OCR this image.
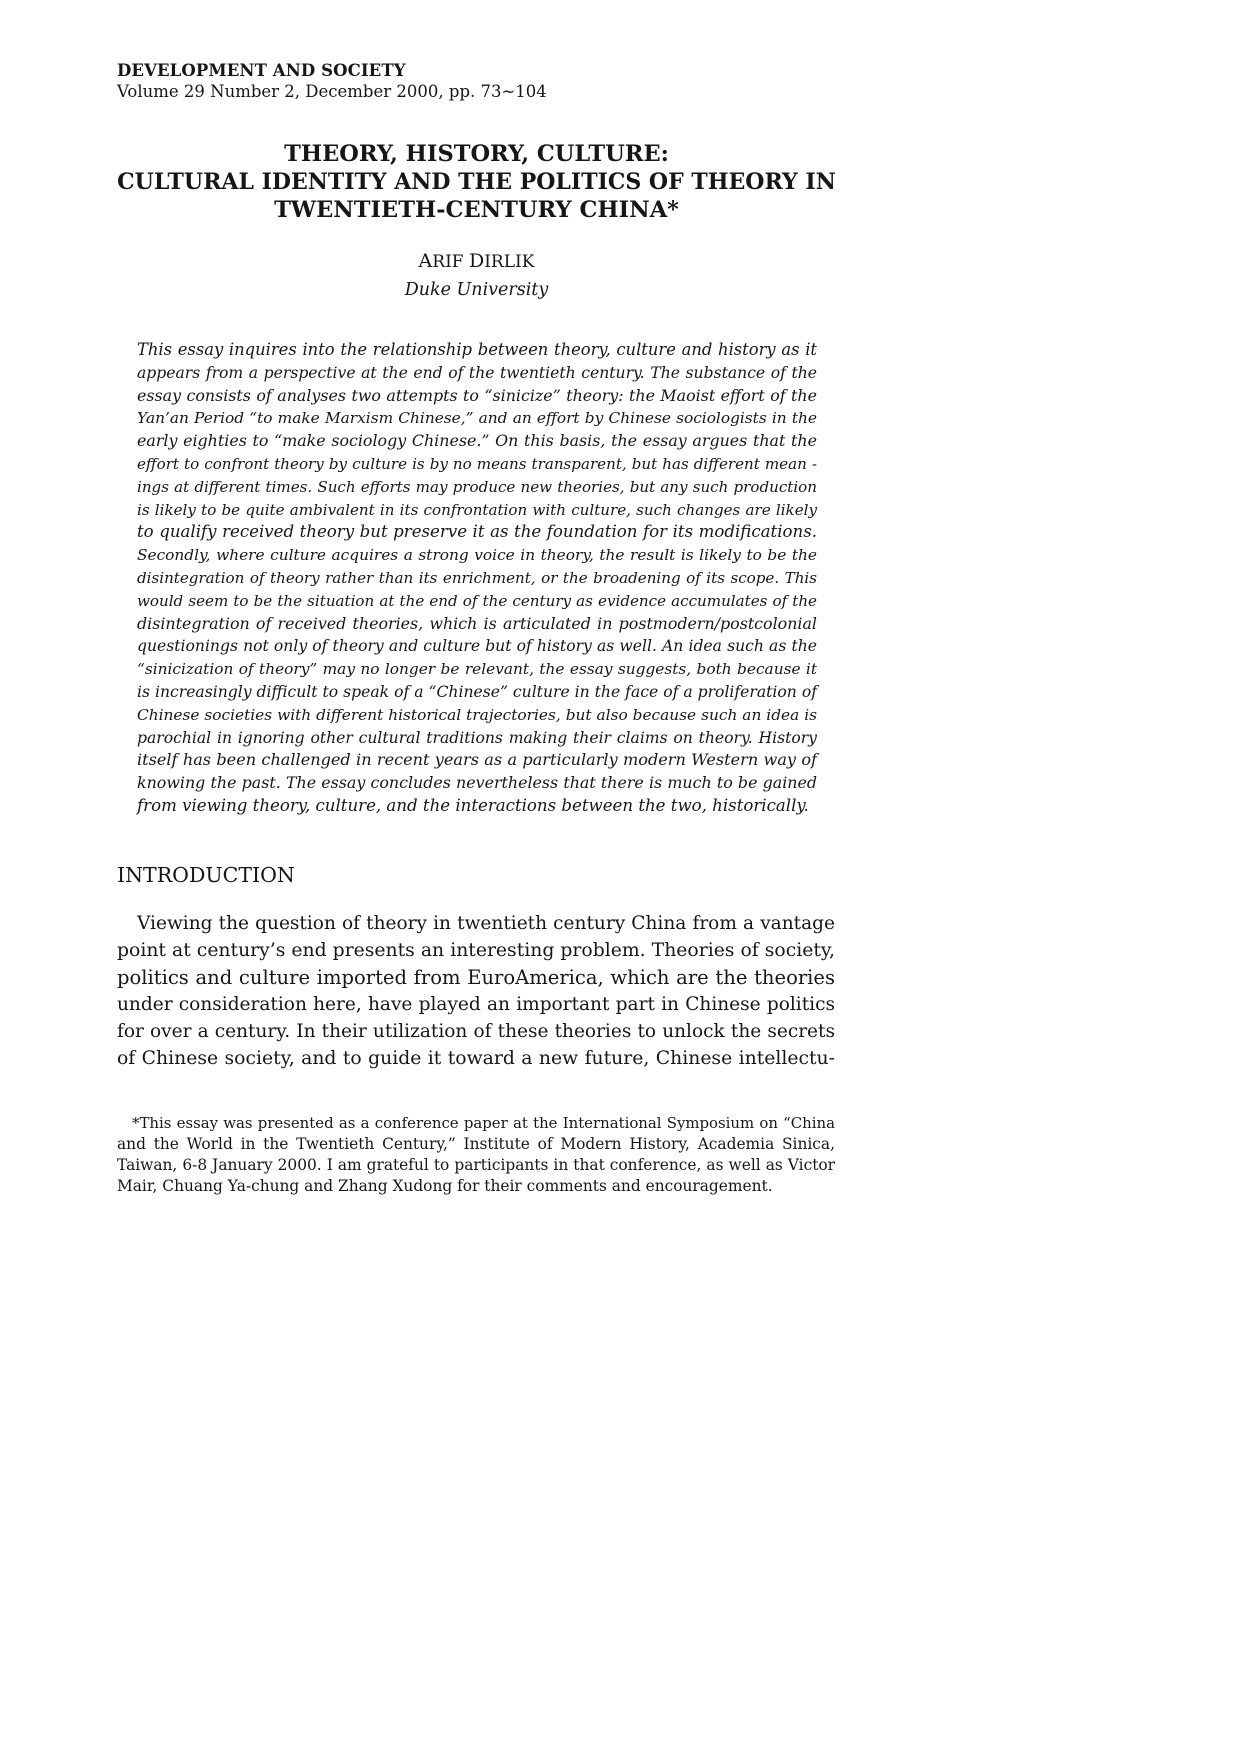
DEVELOPMENT AND SOCIETY
Volume 29 Number 2, December 2000, pp. 73~104
THEORY, HISTORY, CULTURE:
CULTURAL IDENTITY AND THE POLITICS OF THEORY IN
TWENTIETH-CENTURY CHINA*
ARIF DIRLIK
Duke University
This essay inquires into the relationship between theory, culture and history as it
appears from a perspective at the end of the twentieth century. The substance of the
essay consists of analyses two attempts to “sinicize” theory: the Maoist effort of the
Yan’an Period “to make Marxism Chinese,” and an effort by Chinese sociologists in the
early eighties to “make sociology Chinese.” On this basis, the essay argues that the
effort to confront theory by culture is by no means transparent, but has different mean -
ings at different times. Such efforts may produce new theories, but any such production
is likely to be quite ambivalent in its confrontation with culture, such changes are likely
to qualify received theory but preserve it as the foundation for its modifications.
Secondly, where culture acquires a strong voice in theory, the result is likely to be the
disintegration of theory rather than its enrichment, or the broadening of its scope. This
would seem to be the situation at the end of the century as evidence accumulates of the
disintegration of received theories, which is articulated in postmodern/postcolonial
questionings not only of theory and culture but of history as well. An idea such as the
“sinicization of theory” may no longer be relevant, the essay suggests, both because it
is increasingly difficult to speak of a “Chinese” culture in the face of a proliferation of
Chinese societies with different historical trajectories, but also because such an idea is
parochial in ignoring other cultural traditions making their claims on theory. History
itself has been challenged in recent years as a particularly modern Western way of
knowing the past. The essay concludes nevertheless that there is much to be gained
from viewing theory, culture, and the interactions between the two, historically.
INTRODUCTION
Viewing the question of theory in twentieth century China from a vantage
point at century’s end presents an interesting problem. Theories of society,
politics and culture imported from EuroAmerica, which are the theories
under consideration here, have played an important part in Chinese politics
for over a century. In their utilization of these theories to unlock the secrets
of Chinese society, and to guide it toward a new future, Chinese intellectu-
*This essay was presented as a conference paper at the International Symposium on “China
and the World in the Twentieth Century,” Institute of Modern History, Academia Sinica,
Taiwan, 6-8 January 2000. I am grateful to participants in that conference, as well as Victor
Mair, Chuang Ya-chung and Zhang Xudong for their comments and encouragement.
